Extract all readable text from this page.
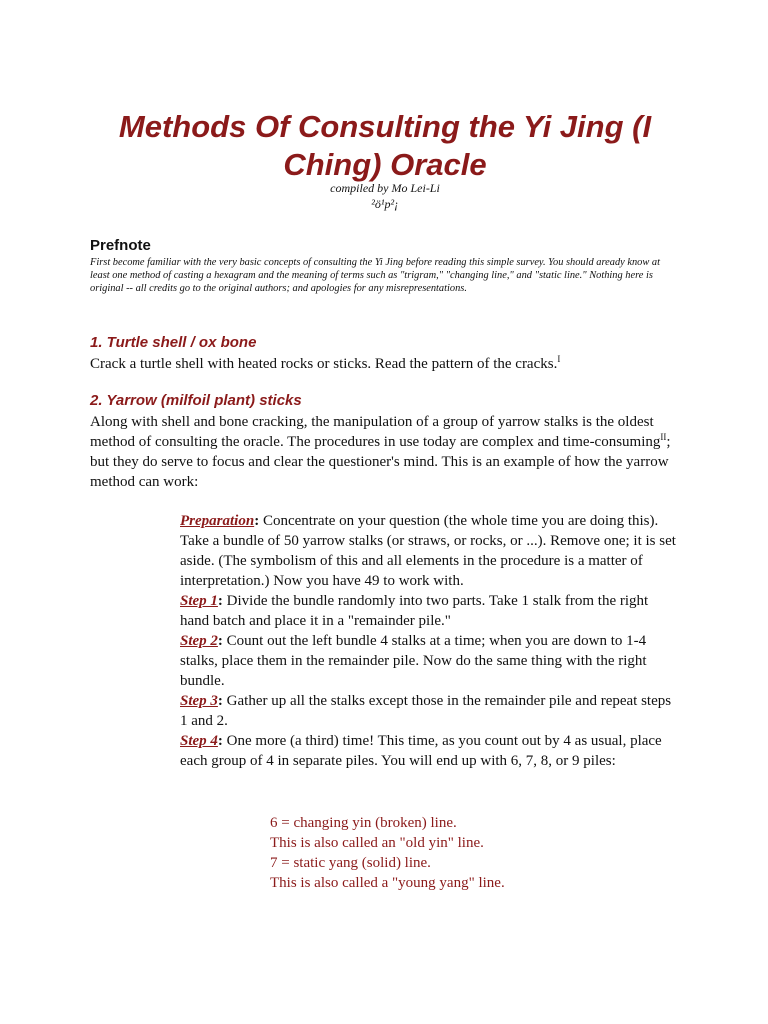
Methods Of Consulting the Yi Jing (I Ching) Oracle
compiled by Mo Lei-Li
²ö¹p²¡
Prefnote
First become familiar with the very basic concepts of consulting the Yi Jing before reading this simple survey. You should aready know at least one method of casting a hexagram and the meaning of terms such as "trigram," "changing line," and "static line." Nothing here is original -- all credits go to the original authors; and apologies for any misrepresentations.
1. Turtle shell / ox bone
Crack a turtle shell with heated rocks or sticks. Read the pattern of the cracks.$^I$
2. Yarrow (milfoil plant) sticks
Along with shell and bone cracking, the manipulation of a group of yarrow stalks is the oldest method of consulting the oracle. The procedures in use today are complex and time-consuming$^{II}$; but they do serve to focus and clear the questioner's mind. This is an example of how the yarrow method can work:
Preparation: Concentrate on your question (the whole time you are doing this). Take a bundle of 50 yarrow stalks (or straws, or rocks, or ...). Remove one; it is set aside. (The symbolism of this and all elements in the procedure is a matter of interpretation.) Now you have 49 to work with.
Step 1: Divide the bundle randomly into two parts. Take 1 stalk from the right hand batch and place it in a "remainder pile."
Step 2: Count out the left bundle 4 stalks at a time; when you are down to 1-4 stalks, place them in the remainder pile. Now do the same thing with the right bundle.
Step 3: Gather up all the stalks except those in the remainder pile and repeat steps 1 and 2.
Step 4: One more (a third) time! This time, as you count out by 4 as usual, place each group of 4 in separate piles. You will end up with 6, 7, 8, or 9 piles:
6 = changing yin (broken) line.
This is also called an "old yin" line.
7 = static yang (solid) line.
This is also called a "young yang" line.
